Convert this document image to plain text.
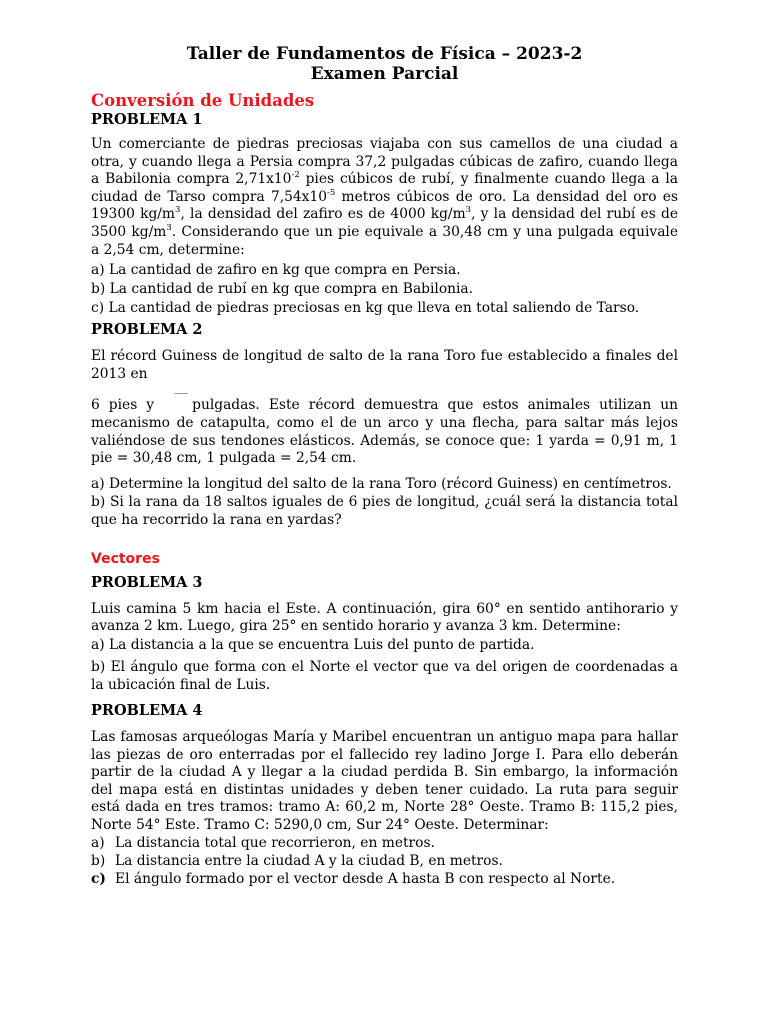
Taller de Fundamentos de Física – 2023-2
Examen Parcial
Conversión de Unidades
PROBLEMA 1

Un comerciante de piedras preciosas viajaba con sus camellos de una ciudad a otra, y cuando llega a Persia compra 37,2 pulgadas cúbicas de zafiro, cuando llega a Babilonia compra $2,71x10^{-2}$ pies cúbicos de rubí, y finalmente cuando llega a la ciudad de Tarso compra $7,54x10^{-5}$ metros cúbicos de oro. La densidad del oro es 19300 $kg/m^3$, la densidad del zafiro es de 4000 $kg/m^3$, y la densidad del rubí es de 3500 $kg/m^3$. Considerando que un pie equivale a 30,48 cm y una pulgada equivale a 2,54 cm, determine:

a) La cantidad de zafiro en kg que compra en Persia.
b) La cantidad de rubí en kg que compra en Babilonia.
c) La cantidad de piedras preciosas en kg que lleva en total saliendo de Tarso.
PROBLEMA 2

El récord Guiness de longitud de salto de la rana Toro fue establecido a finales del 2013 en

6 pies y	pulgadas. Este récord demuestra que estos animales utilizan un mecanismo de catapulta, como el de un arco y una flecha, para saltar más lejos valiéndose de sus tendones elásticos. Además, se conoce que: 1 yarda = 0,91 m, 1 pie = 30,48 cm, 1 pulgada = 2,54 cm.

a) Determine la longitud del salto de la rana Toro (récord Guiness) en centímetros.
b) Si la rana da 18 saltos iguales de 6 pies de longitud, ¿cuál será la distancia total que ha recorrido la rana en yardas?
Vectores
PROBLEMA 3

Luis camina 5 km hacia el Este. A continuación, gira 60° en sentido antihorario y avanza 2 km. Luego, gira 25° en sentido horario y avanza 3 km. Determine:

a) La distancia a la que se encuentra Luis del punto de partida.
b) El ángulo que forma con el Norte el vector que va del origen de coordenadas a la ubicación final de Luis.
PROBLEMA 4

Las famosas arqueólogas María y Maribel encuentran un antiguo mapa para hallar las piezas de oro enterradas por el fallecido rey ladino Jorge I. Para ello deberán partir de la ciudad A y llegar a la ciudad perdida B. Sin embargo, la información del mapa está en distintas unidades y deben tener cuidado. La ruta para seguir está dada en tres tramos: tramo A: 60,2 m, Norte 28° Oeste. Tramo B: 115,2 pies, Norte 54° Este. Tramo C: 5290,0 cm, Sur 24° Oeste. Determinar:

a) La distancia total que recorrieron, en metros.
b) La distancia entre la ciudad A y la ciudad B, en metros.
c) El ángulo formado por el vector desde A hasta B con respecto al Norte.
